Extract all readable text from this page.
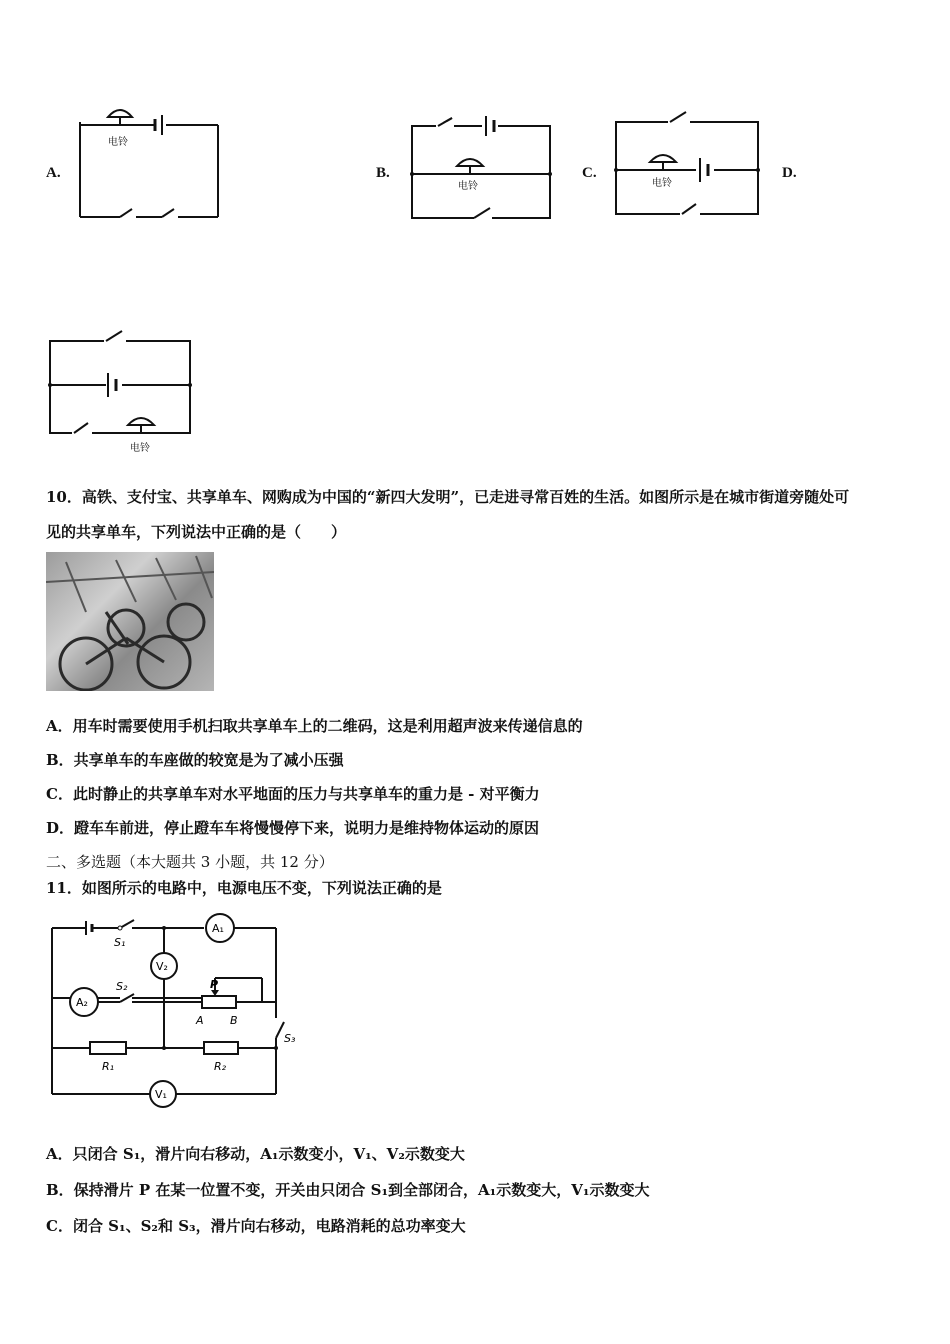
A.	B.	C.	D.
电铃
电铃	电铃
电铃
10．高铁、支付宝、共享单车、网购成为中国的“新四大发明”，已走进寻常百姓的生活。如图所示是在城市街道旁随处可
见的共享单车，下列说法中正确的是（　　）
A．用车时需要使用手机扫取共享单车上的二维码，这是利用超声波来传递信息的
B．共享单车的车座做的较宽是为了减小压强
C．此时静止的共享单车对水平地面的压力与共享单车的重力是 - 对平衡力
D．蹬车车前进，停止蹬车车将慢慢停下来，说明力是维持物体运动的原因
二、多选题（本大题共 3 小题，共 12 分）
11．如图所示的电路中，电源电压不变，下列说法正确的是
S₁
A₁
V₂
A₂
S₂	P
A B
S₃
R₁	R₂
V₁
A．只闭合 S₁，滑片向右移动，A₁示数变小，V₁、V₂示数变大
B．保持滑片 P 在某一位置不变，开关由只闭合 S₁到全部闭合，A₁示数变大，V₁示数变大
C．闭合 S₁、S₂和 S₃，滑片向右移动，电路消耗的总功率变大
